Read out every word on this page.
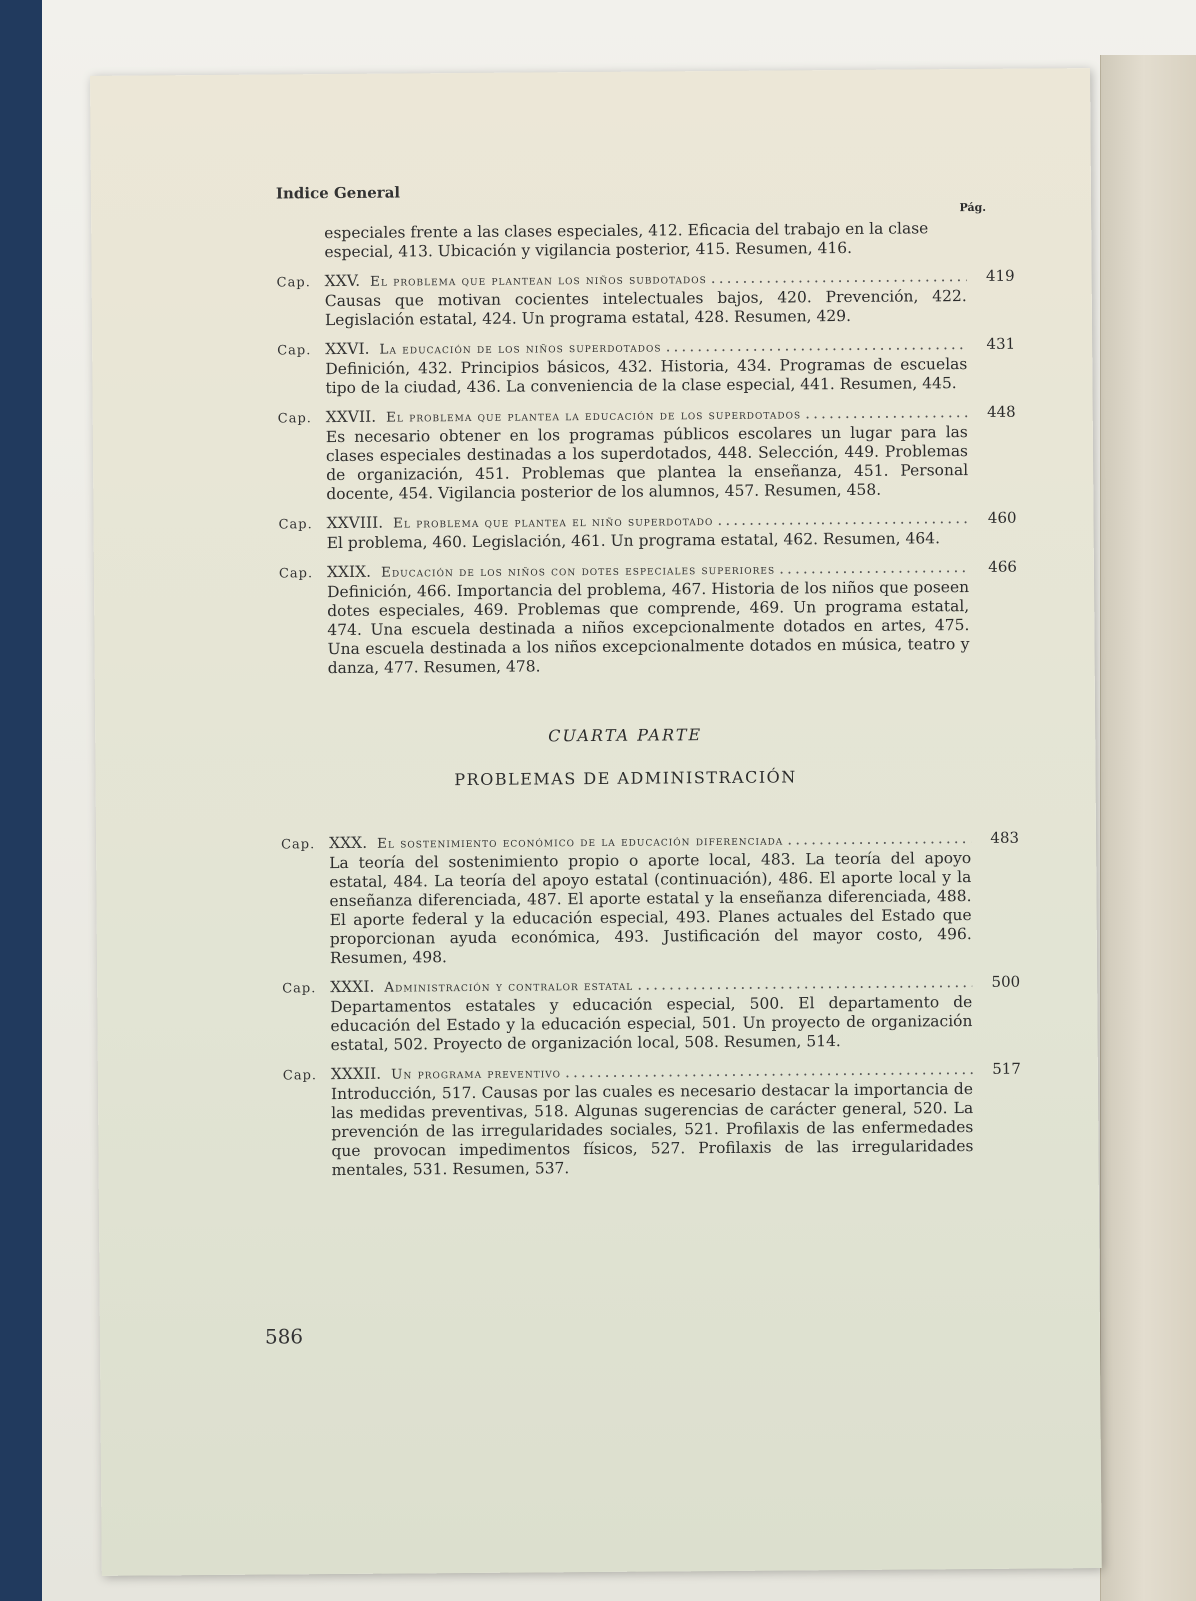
Indice General
Pág.
especiales frente a las clases especiales, 412. Eficacia del trabajo en la clase especial, 413. Ubicación y vigilancia posterior, 415. Resumen, 416.
Cap. XXV. El problema que plantean los niños subdotados .....	419
Causas que motivan cocientes intelectuales bajos, 420. Prevención, 422. Legislación estatal, 424. Un programa estatal, 428. Resumen, 429.
Cap. XXVI. La educación de los niños superdotados .....	431
Definición, 432. Principios básicos, 432. Historia, 434. Programas de escuelas tipo de la ciudad, 436. La conveniencia de la clase especial, 441. Resumen, 445.
Cap. XXVII. El problema que plantea la educación de los superdotados .....	448
Es necesario obtener en los programas públicos escolares un lugar para las clases especiales destinadas a los superdotados, 448. Selección, 449. Problemas de organización, 451. Problemas que plantea la enseñanza, 451. Personal docente, 454. Vigilancia posterior de los alumnos, 457. Resumen, 458.
Cap. XXVIII. El problema que plantea el niño superdotado .....	460
El problema, 460. Legislación, 461. Un programa estatal, 462. Resumen, 464.
Cap. XXIX. Educación de los niños con dotes especiales superiores .....	466
Definición, 466. Importancia del problema, 467. Historia de los niños que poseen dotes especiales, 469. Problemas que comprende, 469. Un programa estatal, 474. Una escuela destinada a niños excepcionalmente dotados en artes, 475. Una escuela destinada a los niños excepcionalmente dotados en música, teatro y danza, 477. Resumen, 478.
CUARTA PARTE
PROBLEMAS DE ADMINISTRACIÓN
Cap. XXX. El sostenimiento económico de la educación diferenciada .....	483
La teoría del sostenimiento propio o aporte local, 483. La teoría del apoyo estatal, 484. La teoría del apoyo estatal (continuación), 486. El aporte local y la enseñanza diferenciada, 487. El aporte estatal y la enseñanza diferenciada, 488. El aporte federal y la educación especial, 493. Planes actuales del Estado que proporcionan ayuda económica, 493. Justificación del mayor costo, 496. Resumen, 498.
Cap. XXXI. Administración y contralor estatal .....	500
Departamentos estatales y educación especial, 500. El departamento de educación del Estado y la educación especial, 501. Un proyecto de organización estatal, 502. Proyecto de organización local, 508. Resumen, 514.
Cap. XXXII. Un programa preventivo .....	517
Introducción, 517. Causas por las cuales es necesario destacar la importancia de las medidas preventivas, 518. Algunas sugerencias de carácter general, 520. La prevención de las irregularidades sociales, 521. Profilaxis de las enfermedades que provocan impedimentos físicos, 527. Profilaxis de las irregularidades mentales, 531. Resumen, 537.
586
